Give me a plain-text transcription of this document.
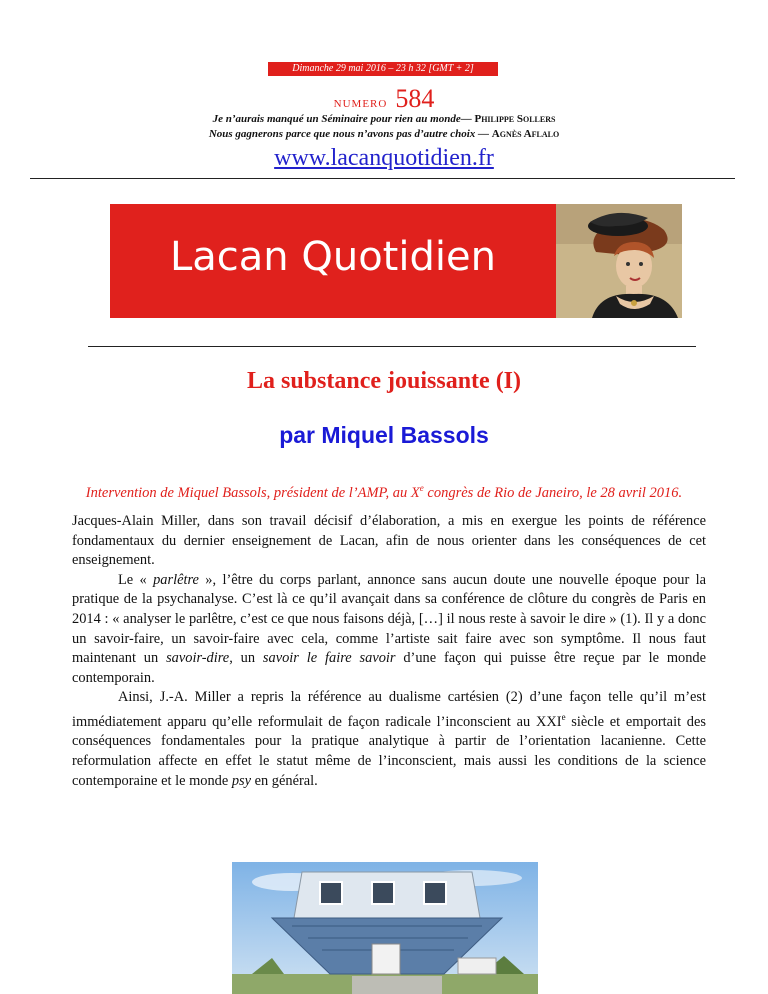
Dimanche 29 mai 2016 – 23 h 32 [GMT + 2]
NUMERO 584
Je n’aurais manqué un Séminaire pour rien au monde— Philippe Sollers
Nous gagnerons parce que nous n’avons pas d’autre choix — Agnès Aflalo
www.lacanquotidien.fr
Lacan Quotidien
La substance jouissante (I)
par Miquel Bassols
Intervention de Miquel Bassols, président de l’AMP, au Xe congrès de Rio de Janeiro, le 28 avril 2016.

Jacques-Alain Miller, dans son travail décisif d’élaboration, a mis en exergue les points de référence fondamentaux du dernier enseignement de Lacan, afin de nous orienter dans les conséquences de cet enseignement.

Le « parlêtre », l’être du corps parlant, annonce sans aucun doute une nouvelle époque pour la pratique de la psychanalyse. C’est là ce qu’il avançait dans sa conférence de clôture du congrès de Paris en 2014 : « analyser le parlêtre, c’est ce que nous faisons déjà, […] il nous reste à savoir le dire » (1). Il y a donc un savoir-faire, un savoir-faire avec cela, comme l’artiste sait faire avec son symptôme. Il nous faut maintenant un savoir-dire, un savoir le faire savoir d’une façon qui puisse être reçue par le monde contemporain.

Ainsi, J.-A. Miller a repris la référence au dualisme cartésien (2) d’une façon telle qu’il m’est immédiatement apparu qu’elle reformulait de façon radicale l’inconscient au XXIe siècle et emportait des conséquences fondamentales pour la pratique analytique à partir de l’orientation lacanienne. Cette reformulation affecte en effet le statut même de l’inconscient, mais aussi les conditions de la science contemporaine et le monde psy en général.
